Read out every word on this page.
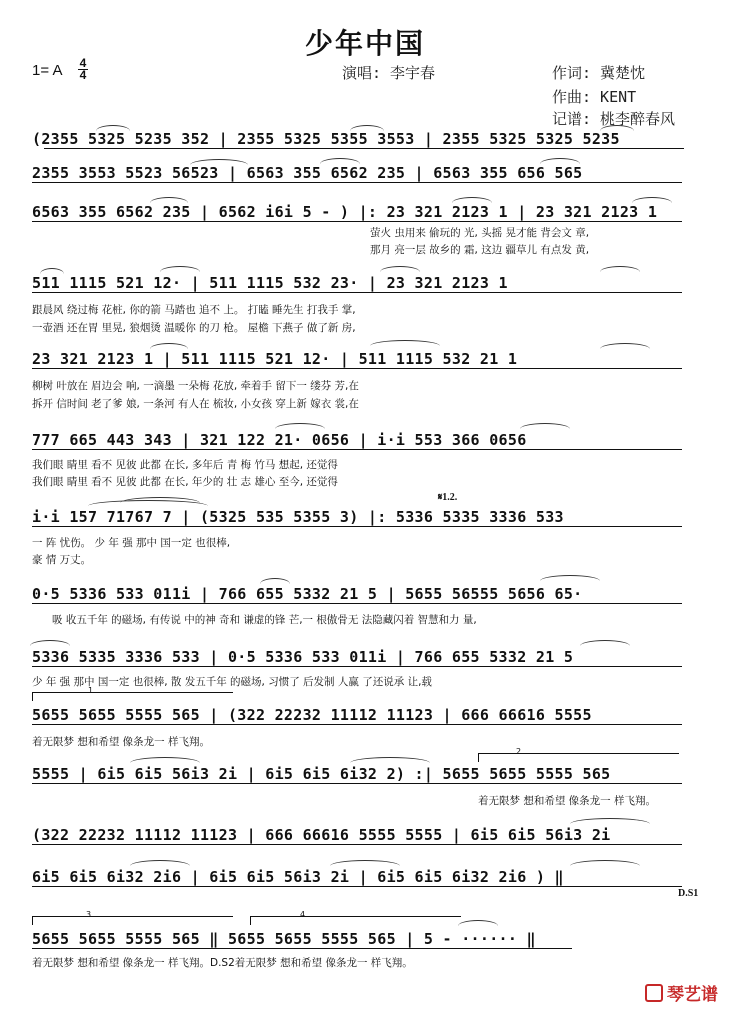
少年中国
1= A 4
4	演唱: 李宇春	作词: 冀楚忱
作曲: KENT
记谱: 桃李醉春风
(2355 5325 5235 352 | 2355 5325 5355 3553 | 2355 5325 5325 5235
2355 3553 5523 56523 | 6563 355 6562 235 | 6563 355 656 565
6563 355 6562 235 | 6562 i6i 5 - ) |: 23 321 2123 1 | 23 321 2123 1
萤火 虫用来 偷玩的 光, 头摇 晃才能 背会文 章,
那月 亮一层 故乡的 霜, 这边 疆草儿 有点发 黄,
511 1115 521 12· | 511 1115 532 23· | 23 321 2123 1
跟晨风 绕过梅 花桩, 你的箭 马踏也 追不 上。 打瞌 睡先生 打我手 掌,
一壶酒 还在胃 里晃, 狼烟烫 温暖你 的刀 枪。 屋檐 下燕子 做了新 房,
23 321 2123 1 | 511 1115 521 12· | 511 1115 532 21 1
柳树 叶放在 眉边会 响, 一滴墨 一朵梅 花放, 牵着手 留下一 缕芬 芳,在
拆开 信时间 老了爹 娘, 一条河 有人在 梳妆, 小女孩 穿上新 嫁衣 裳,在
777 665 443 343 | 321 122 21· 0656 | i·i 553 366 0656
我们眼 睛里 看不 见彼 此都 在长, 多年后 青 梅 竹马 想起, 还觉得
我们眼 睛里 看不 见彼 此都 在长, 年少的 壮 志 雄心 至今, 还觉得
𝄋1.2.
i·i 157 71767 7 | (5325 535 5355 3) |: 5336 5335 3336 533
一 阵 忧伤。 少 年 强 那中 国一定 也很棒,
豪 情 万丈。
0·5 5336 533 011i | 766 655 5332 21 5 | 5655 56555 5656 65·
吸 收五千年 的磁场, 有传说 中的神 奇和 谦虚的锋 芒,一 根傲骨无 法隐藏闪着 智慧和力 量,
5336 5335 3336 533 | 0·5 5336 533 011i | 766 655 5332 21 5
少 年 强 那中 国一定 也很棒, 散 发五千年 的磁场, 习惯了 后发制 人赢 了还说承 让,载
1
5655 5655 5555 565 | (322 22232 11112 11123 | 666 66616 5555
着无限梦 想和希望 像条龙一 样飞翔。
2
5555 | 6i5 6i5 56i3 2i | 6i5 6i5 6i32 2) :| 5655 5655 5555 565
着无限梦 想和希望 像条龙一 样飞翔。
(322 22232 11112 11123 | 666 66616 5555 5555 | 6i5 6i5 56i3 2i
6i5 6i5 6i32 2i6 | 6i5 6i5 56i3 2i | 6i5 6i5 6i32 2i6 ) ‖
D.S1
3	4
5655 5655 5555 565 ‖ 5655 5655 5555 565 | 5 - ······ ‖
着无限梦 想和希望 像条龙一 样飞翔。D.S2着无限梦 想和希望 像条龙一 样飞翔。
琴艺谱
